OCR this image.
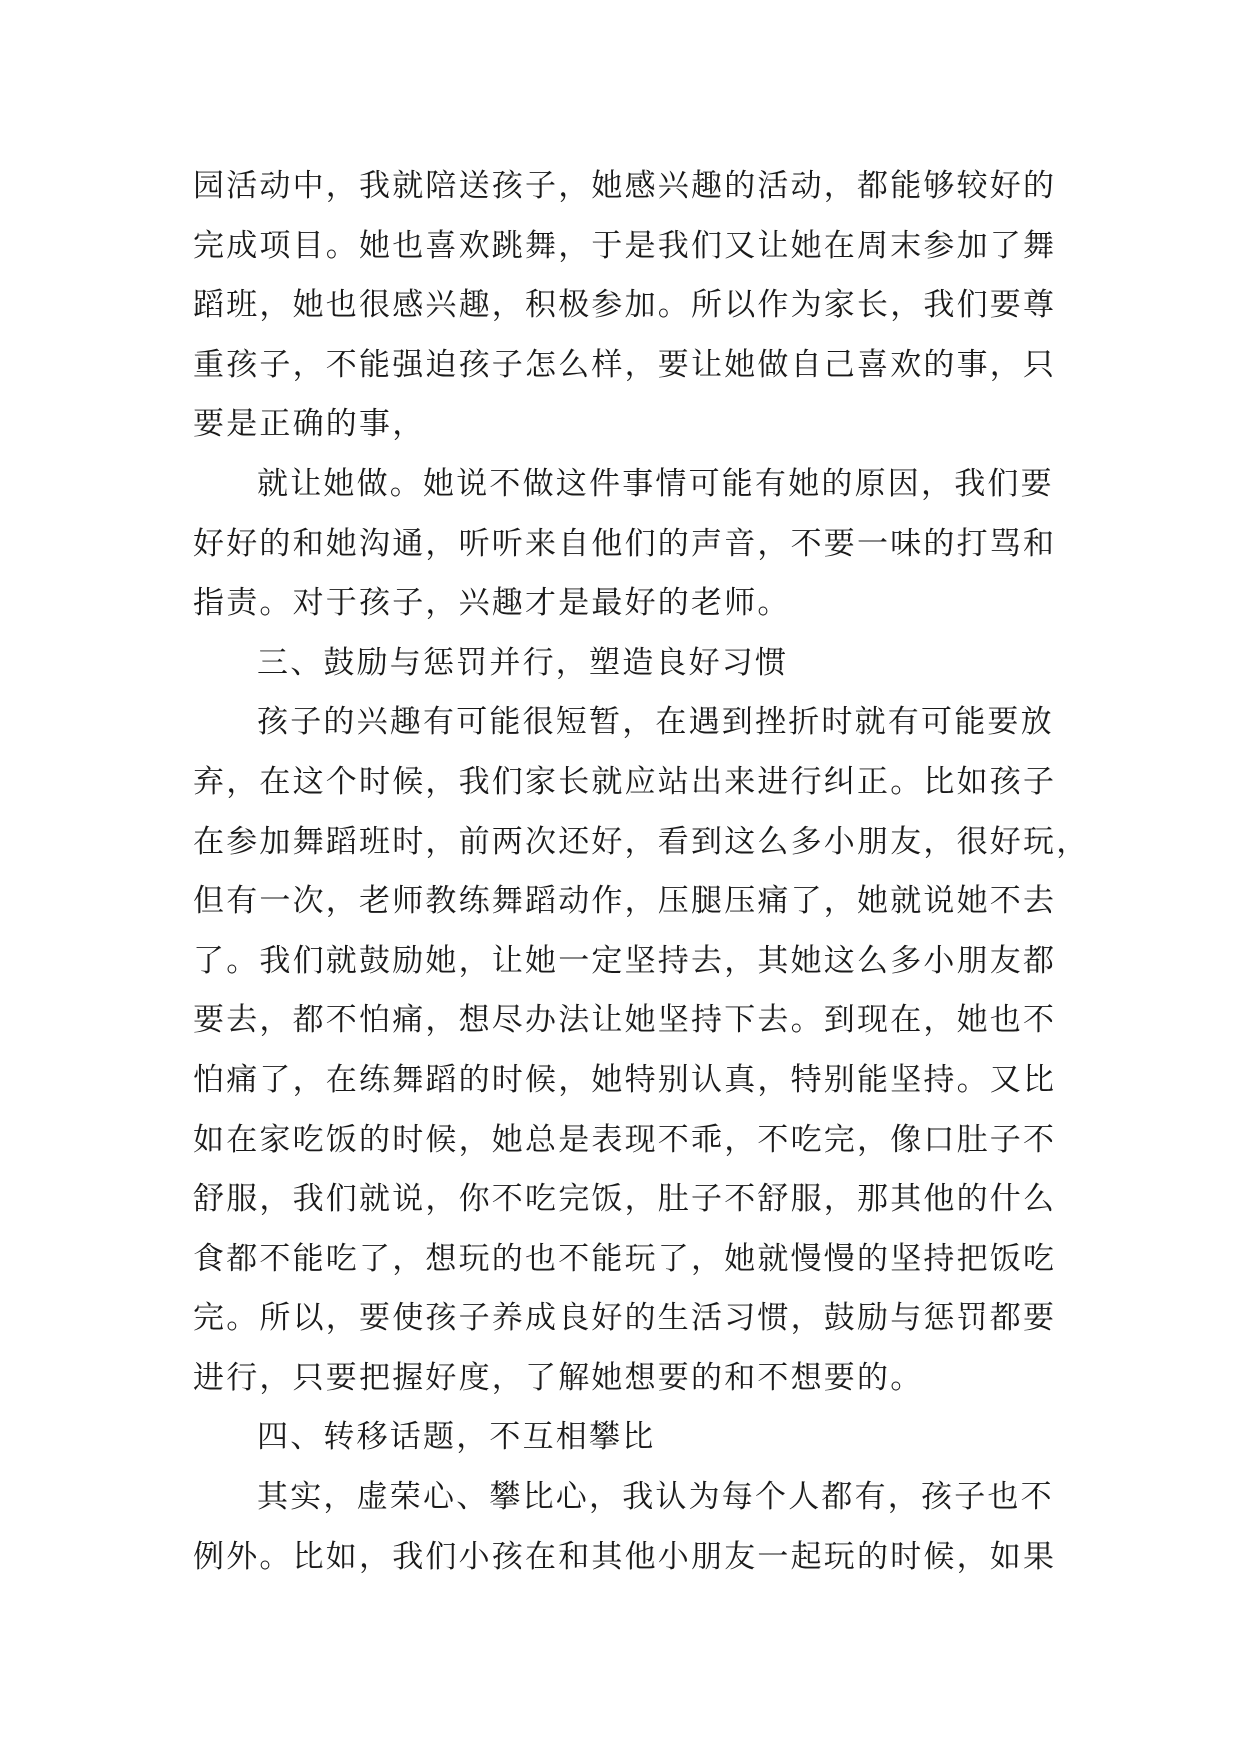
园活动中，我就陪送孩子，她感兴趣的活动，都能够较好的
完成项目。她也喜欢跳舞，于是我们又让她在周末参加了舞
蹈班，她也很感兴趣，积极参加。所以作为家长，我们要尊
重孩子，不能强迫孩子怎么样，要让她做自己喜欢的事，只
要是正确的事，
就让她做。她说不做这件事情可能有她的原因，我们要
好好的和她沟通，听听来自他们的声音，不要一味的打骂和
指责。对于孩子，兴趣才是最好的老师。
三、鼓励与惩罚并行，塑造良好习惯
孩子的兴趣有可能很短暂，在遇到挫折时就有可能要放
弃，在这个时候，我们家长就应站出来进行纠正。比如孩子
在参加舞蹈班时，前两次还好，看到这么多小朋友，很好玩，
但有一次，老师教练舞蹈动作，压腿压痛了，她就说她不去
了。我们就鼓励她，让她一定坚持去，其她这么多小朋友都
要去，都不怕痛，想尽办法让她坚持下去。到现在，她也不
怕痛了，在练舞蹈的时候，她特别认真，特别能坚持。又比
如在家吃饭的时候，她总是表现不乖，不吃完，像口肚子不
舒服，我们就说，你不吃完饭，肚子不舒服，那其他的什么
食都不能吃了，想玩的也不能玩了，她就慢慢的坚持把饭吃
完。所以，要使孩子养成良好的生活习惯，鼓励与惩罚都要
进行，只要把握好度，了解她想要的和不想要的。
四、转移话题，不互相攀比
其实，虚荣心、攀比心，我认为每个人都有，孩子也不
例外。比如，我们小孩在和其他小朋友一起玩的时候，如果
